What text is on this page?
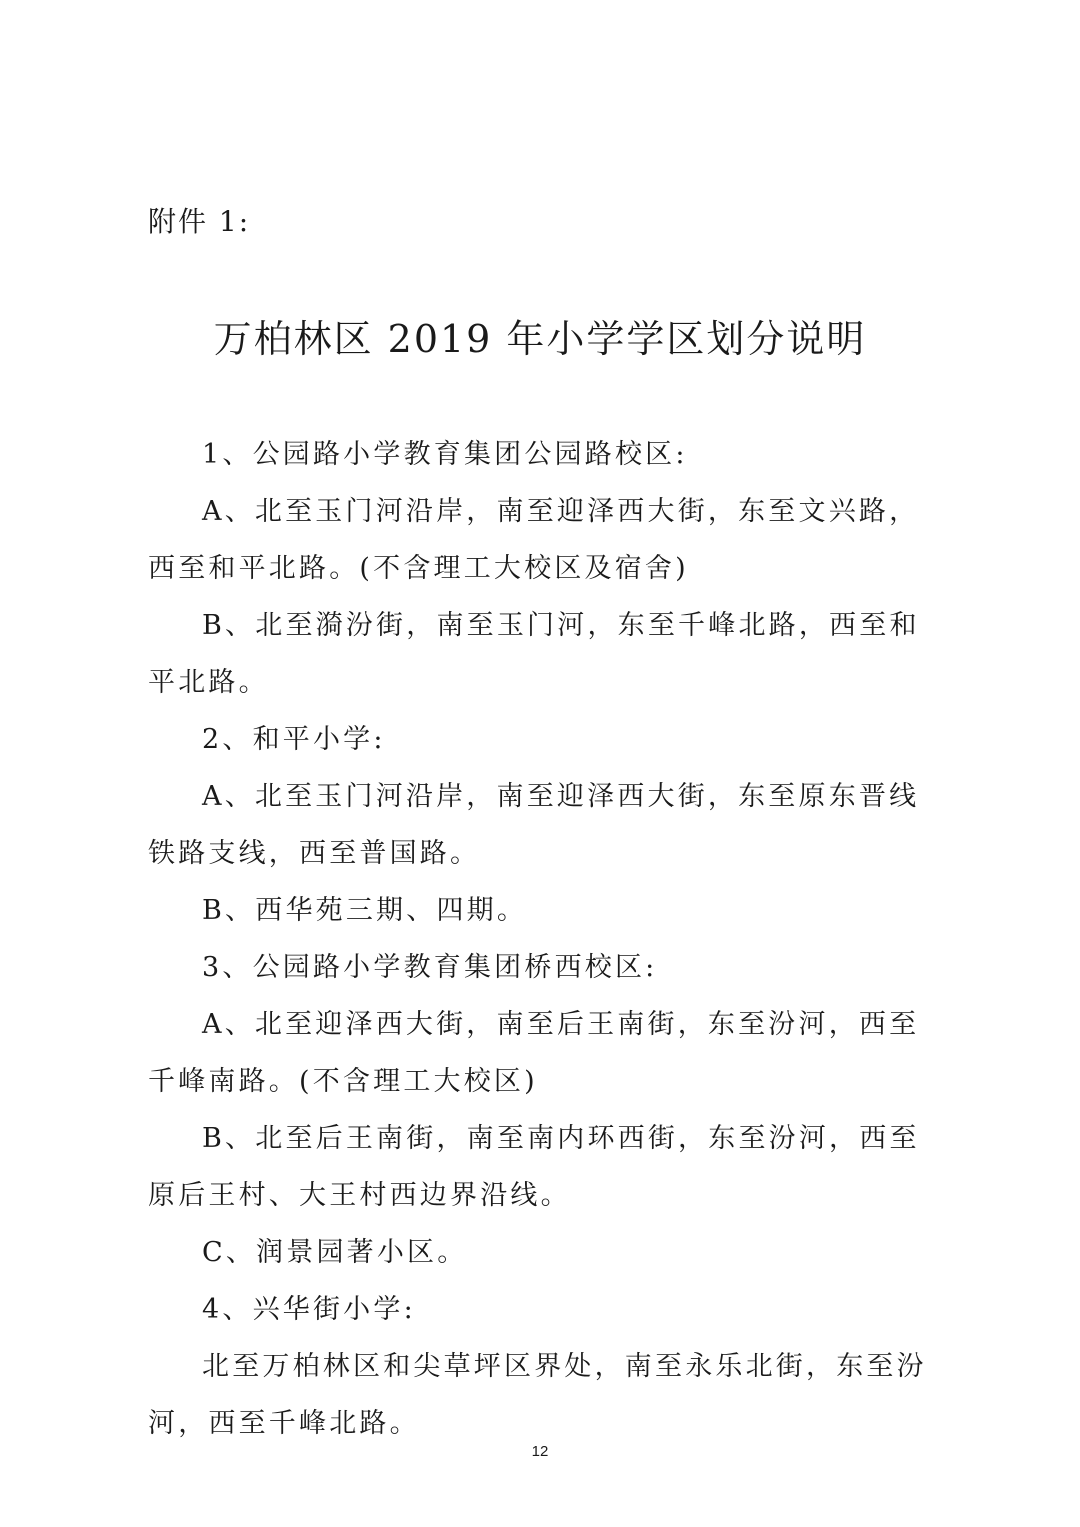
附件 1:
万柏林区 2019 年小学学区划分说明

1、公园路小学教育集团公园路校区:

A、北至玉门河沿岸，南至迎泽西大街，东至文兴路，西至和平北路。(不含理工大校区及宿舍)

B、北至漪汾街，南至玉门河，东至千峰北路，西至和平北路。

2、和平小学:

A、北至玉门河沿岸，南至迎泽西大街，东至原东晋线铁路支线，西至普国路。

B、西华苑三期、四期。

3、公园路小学教育集团桥西校区:

A、北至迎泽西大街，南至后王南街，东至汾河，西至千峰南路。(不含理工大校区)

B、北至后王南街，南至南内环西街，东至汾河，西至原后王村、大王村西边界沿线。

C、润景园著小区。

4、兴华街小学:

北至万柏林区和尖草坪区界处，南至永乐北街，东至汾河，西至千峰北路。

12
